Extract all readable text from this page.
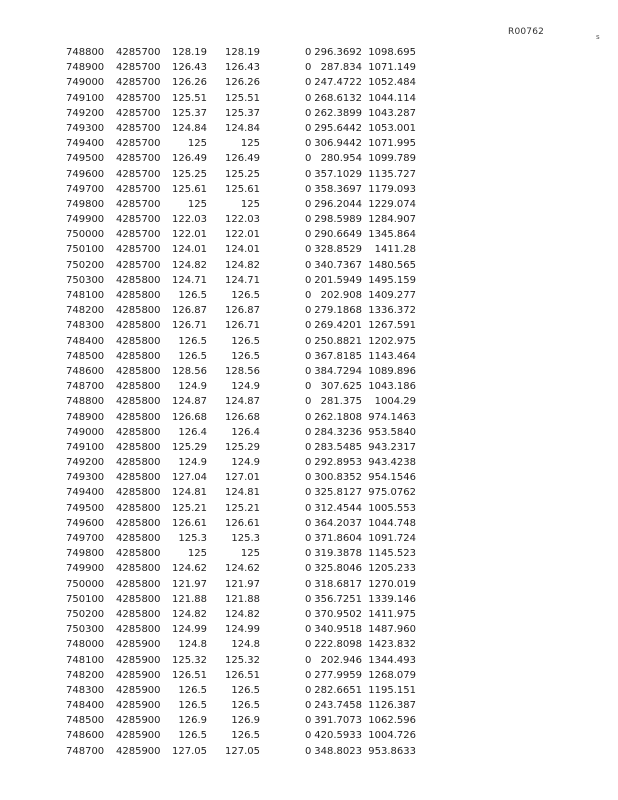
R00762	s
748800 4285700 128.19 128.19	0 296.3692 1098.695
748900 4285700 126.43 126.43	0 287.834 1071.149
749000 4285700 126.26 126.26	0 247.4722 1052.484
749100 4285700 125.51 125.51	0 268.6132 1044.114
749200 4285700 125.37 125.37	0 262.3899 1043.287
749300 4285700 124.84 124.84	0 295.6442 1053.001
749400 4285700	125	125	0 306.9442 1071.995
749500 4285700 126.49 126.49	0 280.954 1099.789
749600 4285700 125.25 125.25	0 357.1029 1135.727
749700 4285700 125.61 125.61	0 358.3697 1179.093
749800 4285700	125	125	0 296.2044 1229.074
749900 4285700 122.03 122.03	0 298.5989 1284.907
750000 4285700 122.01 122.01	0 290.6649 1345.864
750100 4285700 124.01 124.01	0 328.8529 1411.28
750200 4285700 124.82 124.82	0 340.7367 1480.565
750300 4285800 124.71 124.71	0 201.5949 1495.159
748100 4285800 126.5 126.5	0 202.908 1409.277
748200 4285800 126.87 126.87	0 279.1868 1336.372
748300 4285800 126.71 126.71	0 269.4201 1267.591
748400 4285800 126.5 126.5	0 250.8821 1202.975
748500 4285800 126.5 126.5	0 367.8185 1143.464
748600 4285800 128.56 128.56	0 384.7294 1089.896
748700 4285800 124.9 124.9	0 307.625 1043.186
748800 4285800 124.87 124.87	0 281.375 1004.29
748900 4285800 126.68 126.68	0 262.1808 974.1463
749000 4285800 126.4 126.4	0 284.3236 953.5840
749100 4285800 125.29 125.29	0 283.5485 943.2317
749200 4285800 124.9 124.9	0 292.8953 943.4238
749300 4285800 127.04 127.01	0 300.8352 954.1546
749400 4285800 124.81 124.81	0 325.8127 975.0762
749500 4285800 125.21 125.21	0 312.4544 1005.553
749600 4285800 126.61 126.61	0 364.2037 1044.748
749700 4285800 125.3 125.3	0 371.8604 1091.724
749800 4285800	125	125	0 319.3878 1145.523
749900 4285800 124.62 124.62	0 325.8046 1205.233
750000 4285800 121.97 121.97	0 318.6817 1270.019
750100 4285800 121.88 121.88	0 356.7251 1339.146
750200 4285800 124.82 124.82	0 370.9502 1411.975
750300 4285800 124.99 124.99	0 340.9518 1487.960
748000 4285900 124.8 124.8	0 222.8098 1423.832
748100 4285900 125.32 125.32	0 202.946 1344.493
748200 4285900 126.51 126.51	0 277.9959 1268.079
748300 4285900 126.5 126.5	0 282.6651 1195.151
748400 4285900 126.5 126.5	0 243.7458 1126.387
748500 4285900 126.9 126.9	0 391.7073 1062.596
748600 4285900 126.5 126.5	0 420.5933 1004.726
748700 4285900 127.05 127.05	0 348.8023 953.8633
